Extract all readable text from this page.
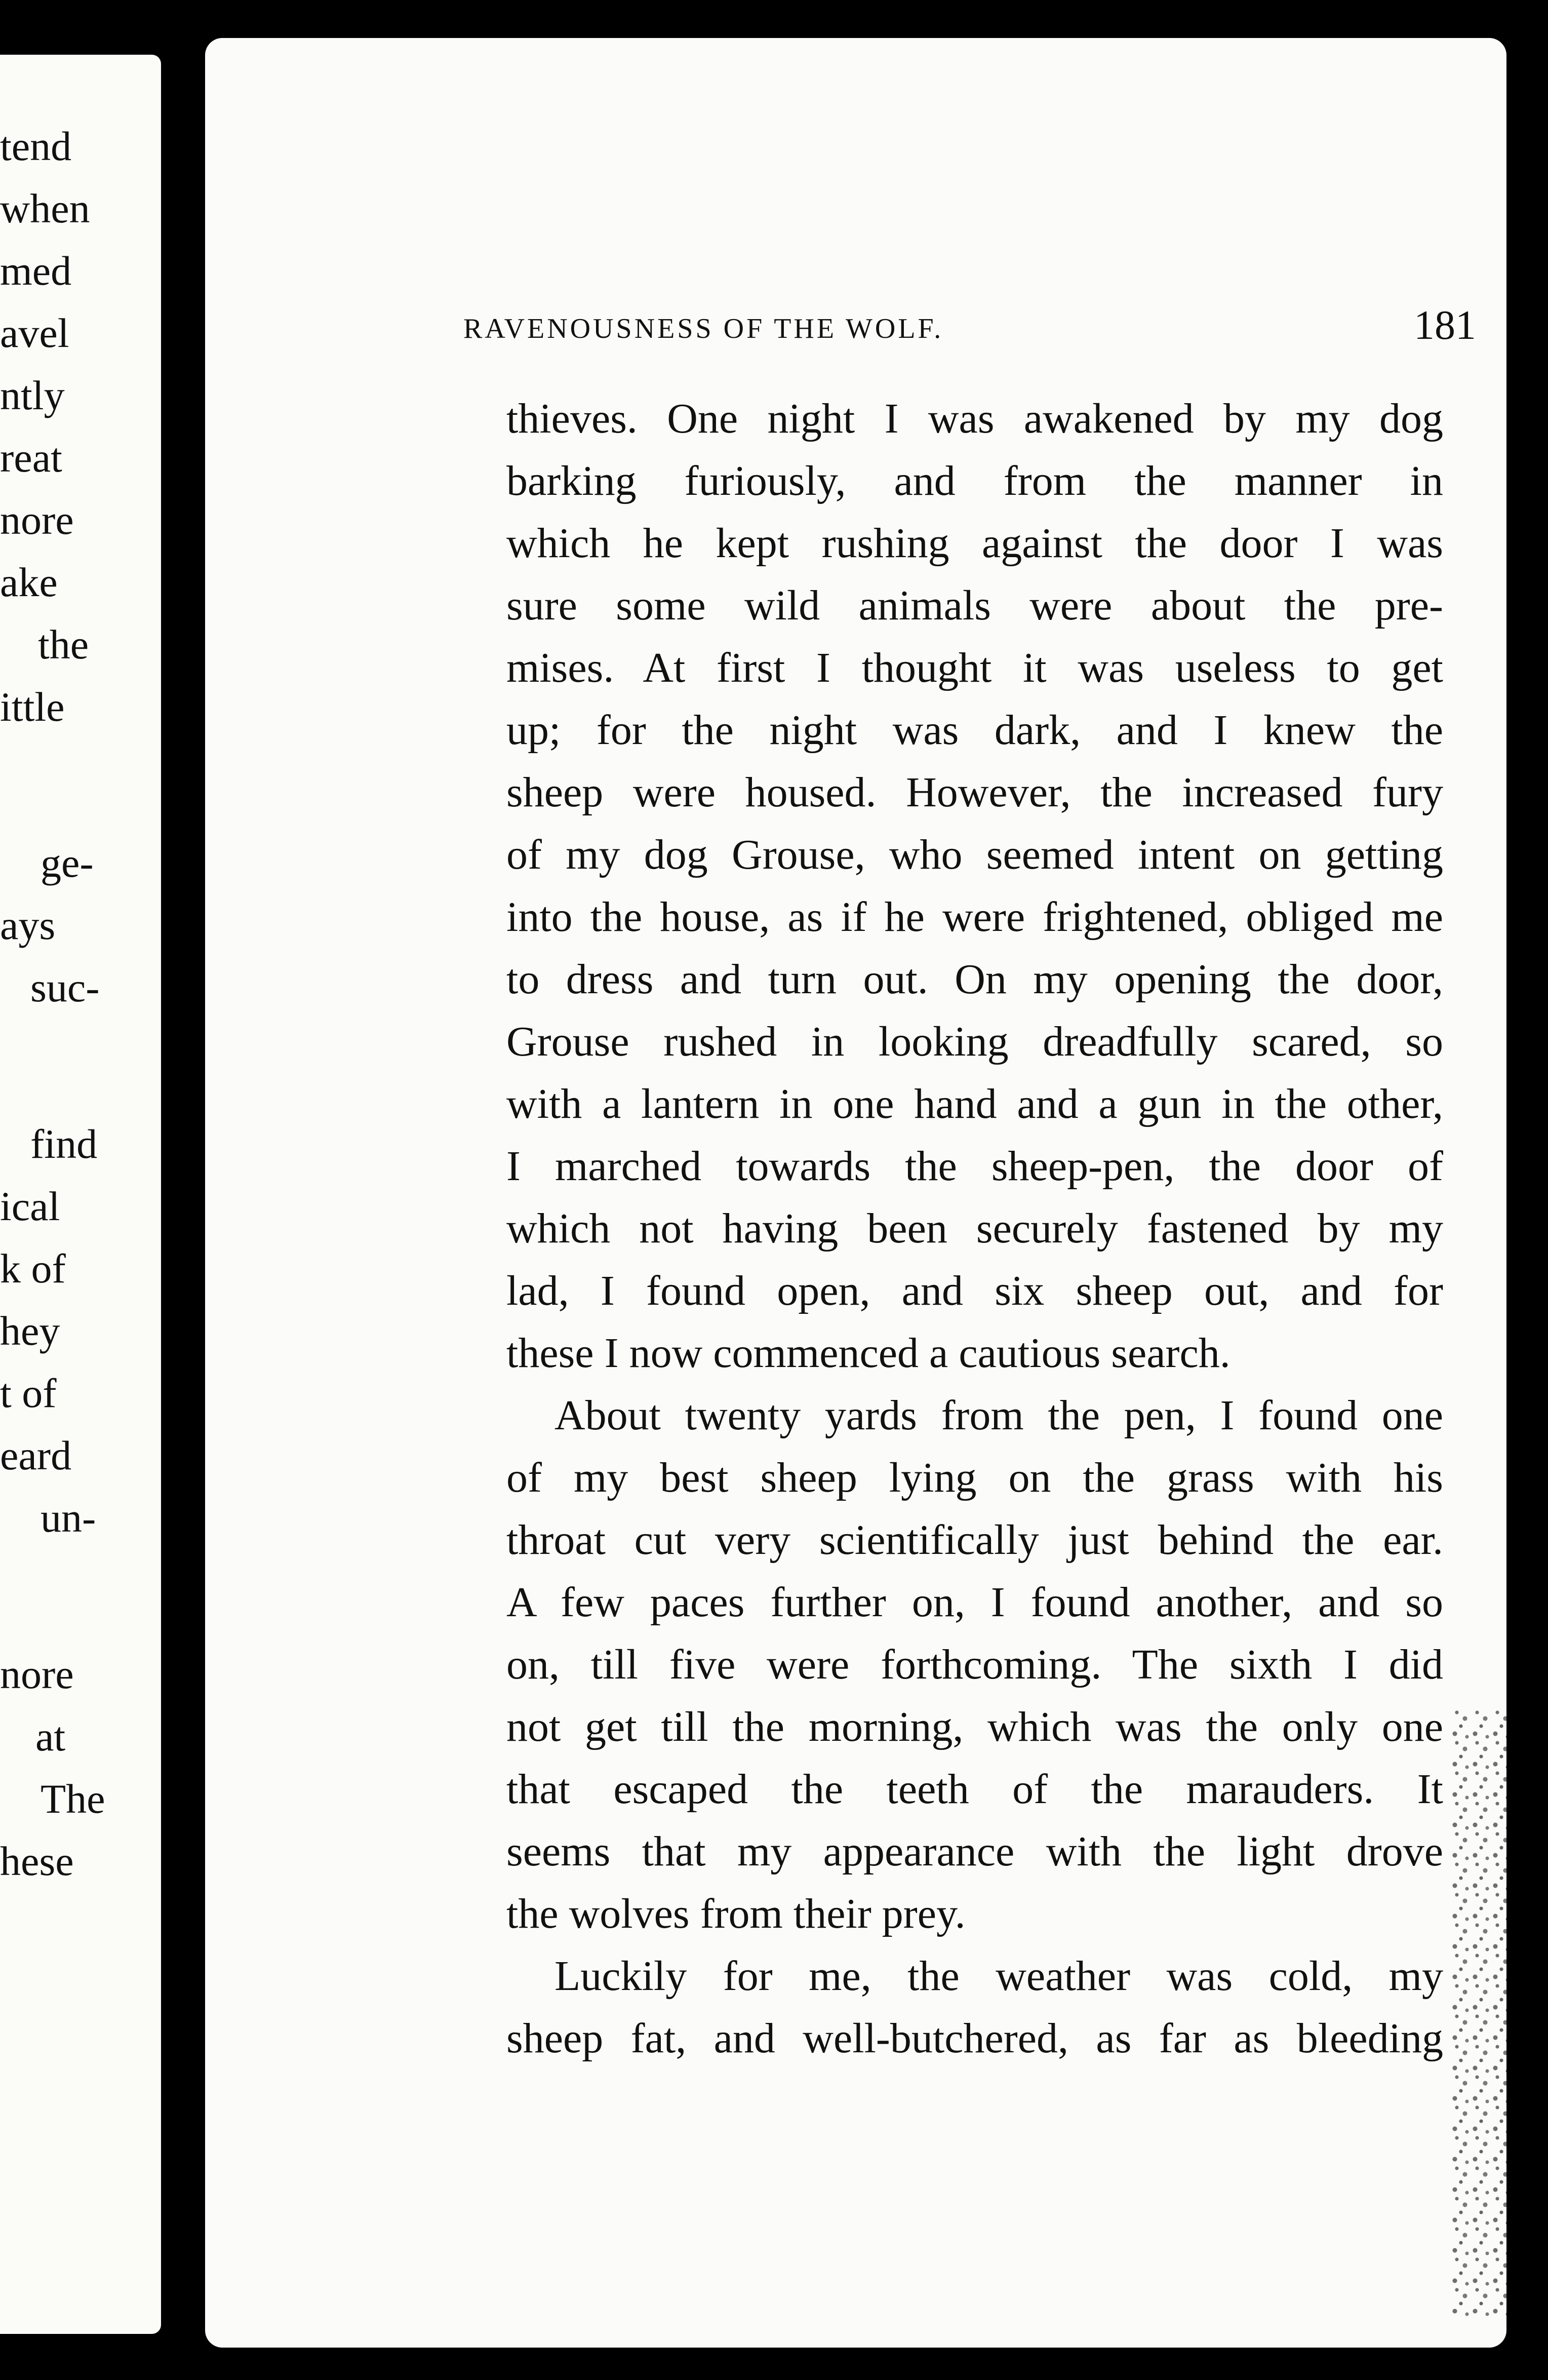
tend
when
med
avel
ntly
reat
nore
ake
the
ittle
ge-
ays
suc-
find
ical
k of
hey
t of
eard
un-
nore
at
The
hese
RAVENOUSNESS OF THE WOLF.	181
thieves. One night I was awakened by my dog
barking furiously, and from the manner in
which he kept rushing against the door I was
sure some wild animals were about the pre-
mises. At first I thought it was useless to get
up; for the night was dark, and I knew the
sheep were housed. However, the increased fury
of my dog Grouse, who seemed intent on getting
into the house, as if he were frightened, obliged me
to dress and turn out. On my opening the door,
Grouse rushed in looking dreadfully scared, so
with a lantern in one hand and a gun in the other,
I marched towards the sheep-pen, the door of
which not having been securely fastened by my
lad, I found open, and six sheep out, and for
these I now commenced a cautious search.
About twenty yards from the pen, I found one
of my best sheep lying on the grass with his
throat cut very scientifically just behind the ear.
A few paces further on, I found another, and so
on, till five were forthcoming. The sixth I did
not get till the morning, which was the only one
that escaped the teeth of the marauders. It
seems that my appearance with the light drove
the wolves from their prey.
Luckily for me, the weather was cold, my
sheep fat, and well-butchered, as far as bleeding
